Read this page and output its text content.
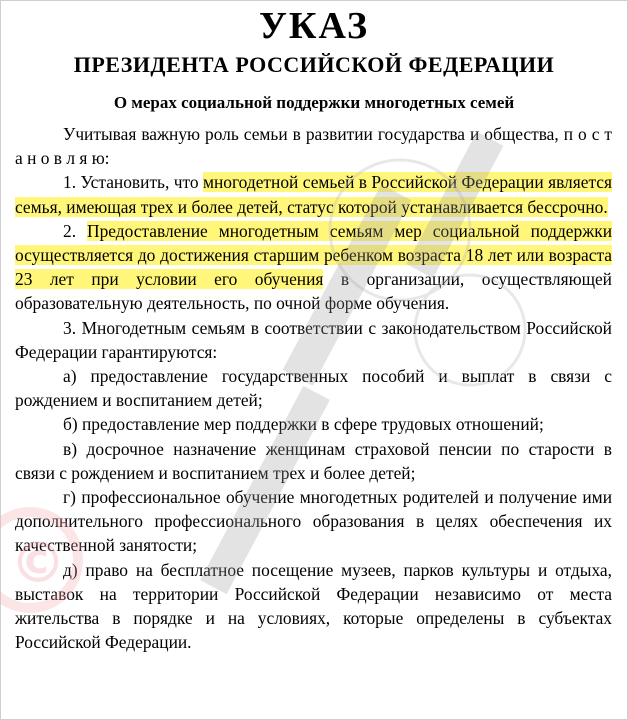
УКАЗ
ПРЕЗИДЕНТА РОССИЙСКОЙ ФЕДЕРАЦИИ
О мерах социальной поддержки многодетных семей

Учитывая важную роль семьи в развитии государства и общества, п о с т а н о в л я ю:

1. Установить, что многодетной семьей в Российской Федерации является семья, имеющая трех и более детей, статус которой устанавливается бессрочно.

2. Предоставление многодетным семьям мер социальной поддержки осуществляется до достижения старшим ребенком возраста 18 лет или возраста 23 лет при условии его обучения в организации, осуществляющей образовательную деятельность, по очной форме обучения.

3. Многодетным семьям в соответствии с законодательством Российской Федерации гарантируются:

а) предоставление государственных пособий и выплат в связи с рождением и воспитанием детей;

б) предоставление мер поддержки в сфере трудовых отношений;

в) досрочное назначение женщинам страховой пенсии по старости в связи с рождением и воспитанием трех и более детей;

г) профессиональное обучение многодетных родителей и получение ими дополнительного профессионального образования в целях обеспечения их качественной занятости;

д) право на бесплатное посещение музеев, парков культуры и отдыха, выставок на территории Российской Федерации независимо от места жительства в порядке и на условиях, которые определены в субъектах Российской Федерации.

©
